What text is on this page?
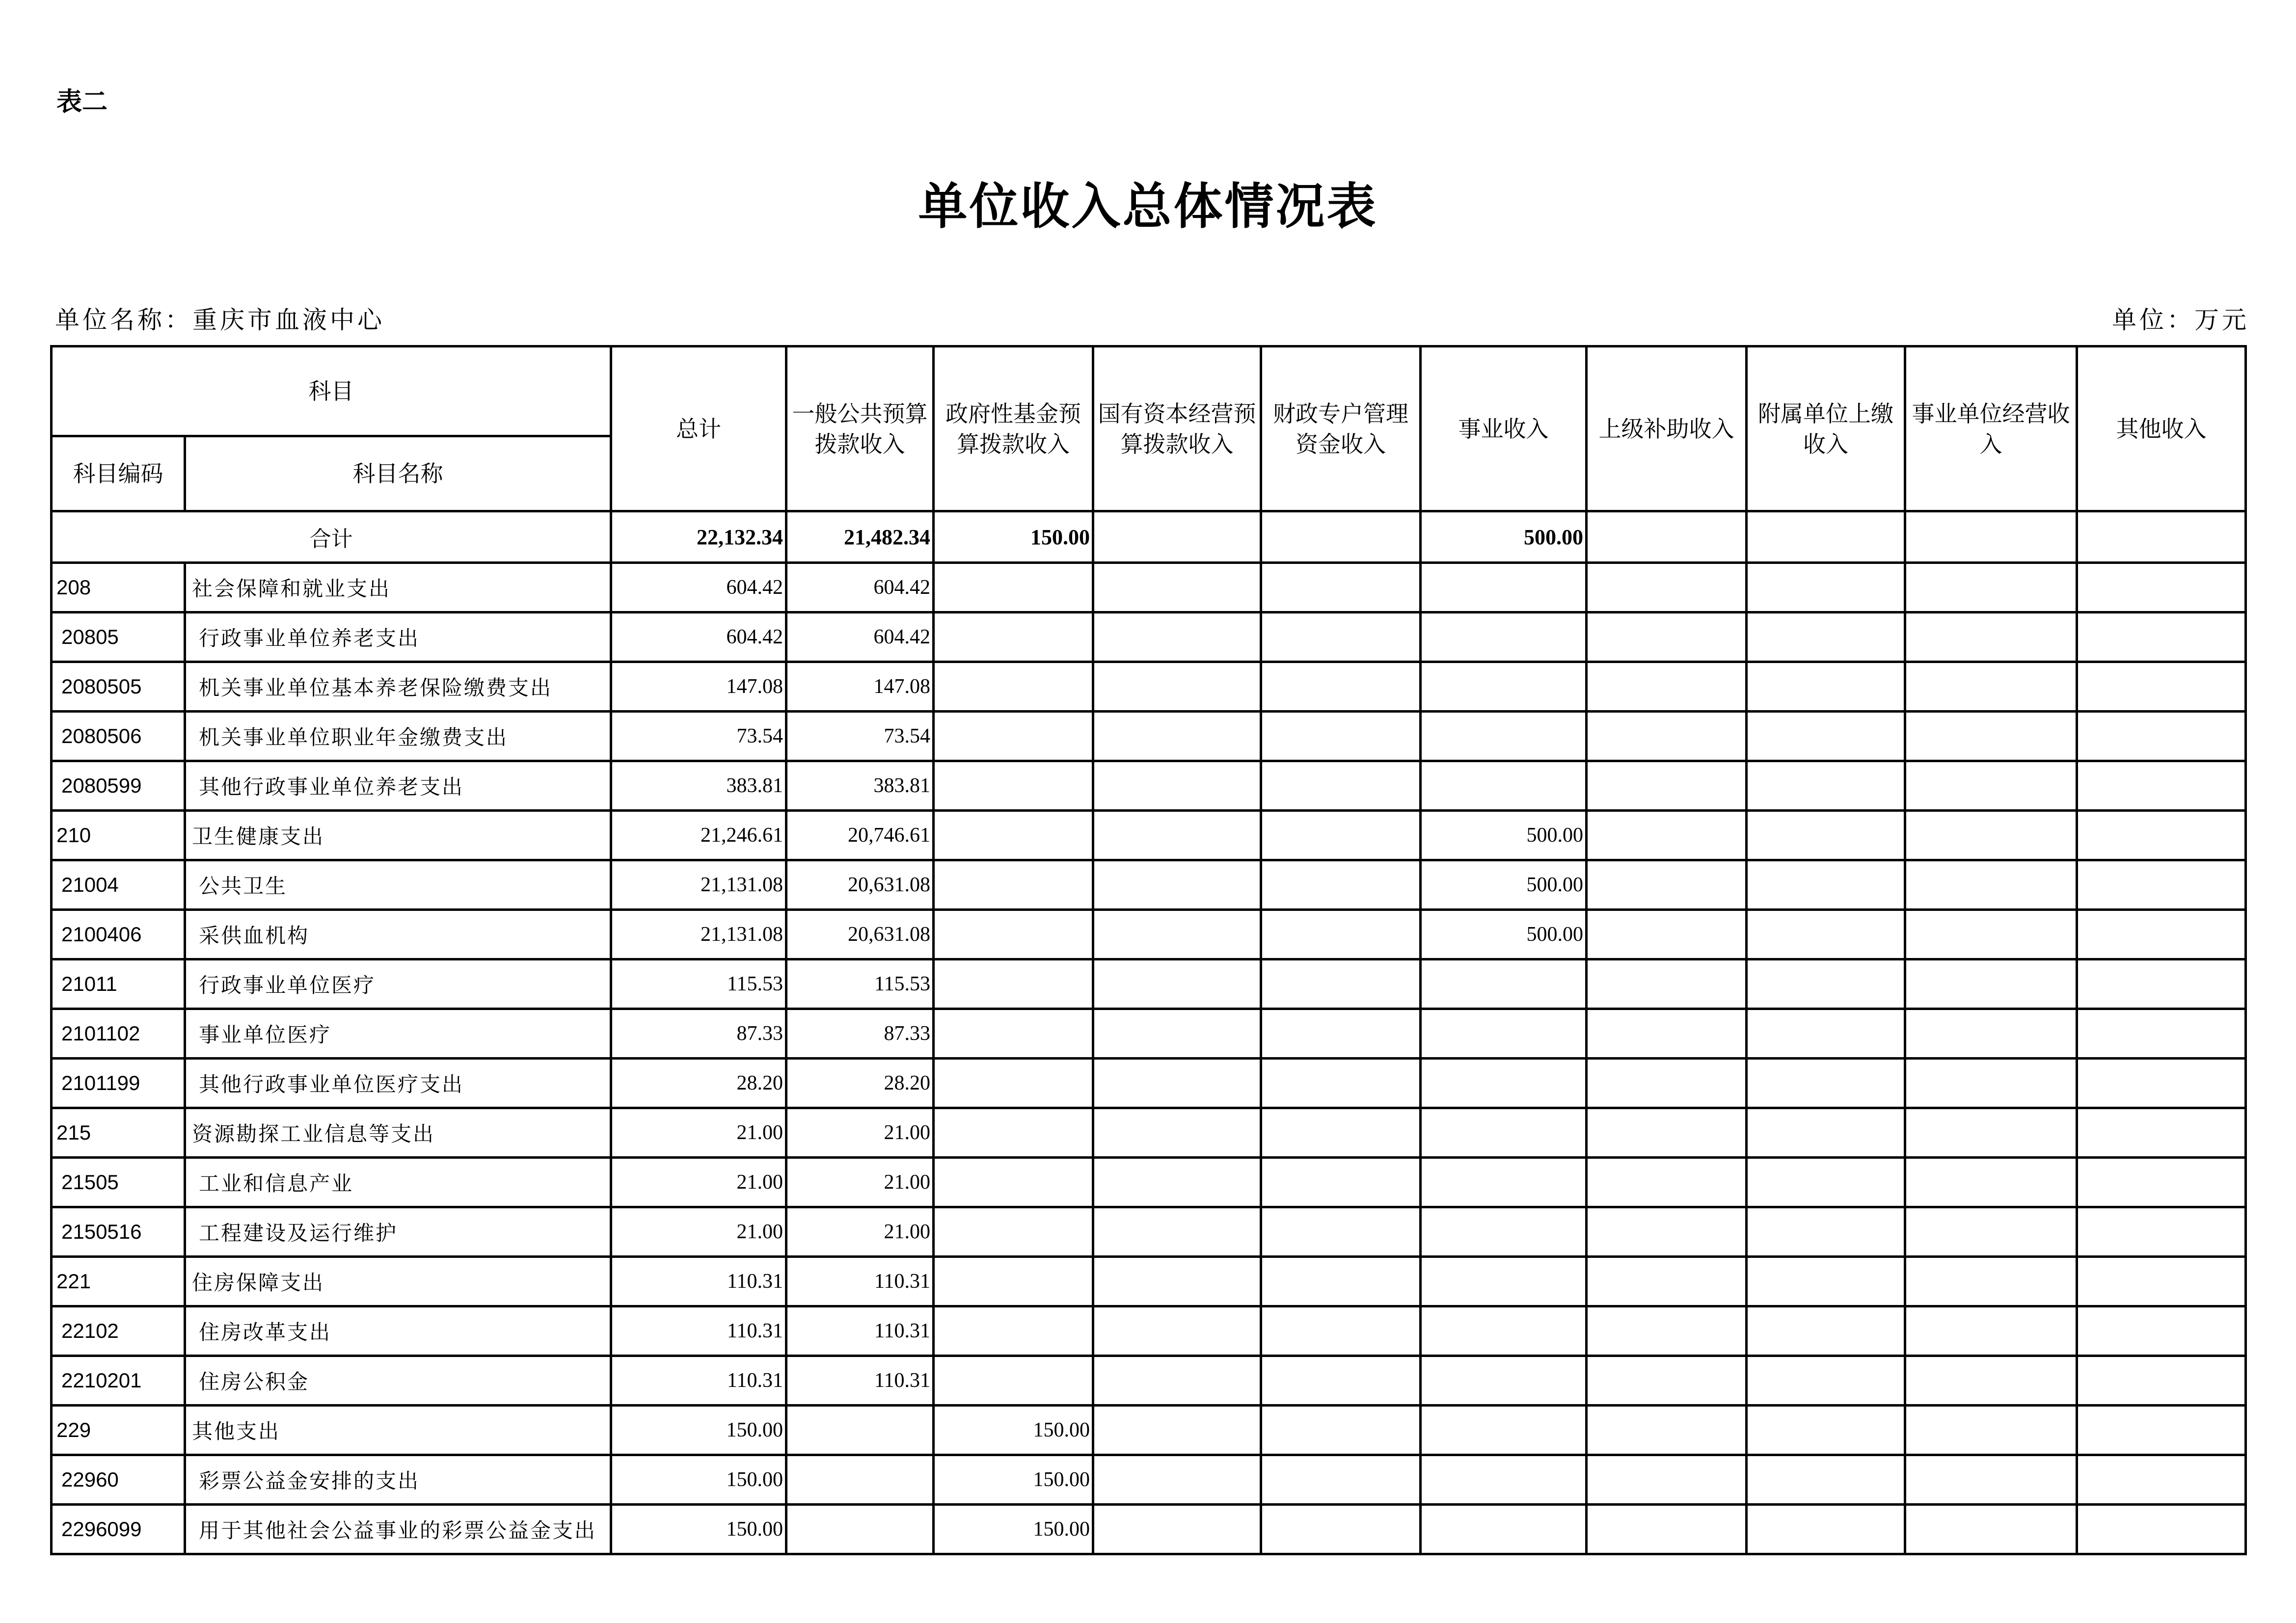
表二
单位收入总体情况表
单位名称：重庆市血液中心	单位：万元
科目		总计	一般公共预算拨款收入	政府性基金预算拨款收入	国有资本经营预算拨款收入	财政专户管理资金收入	事业收入	上级补助收入	附属单位上缴收入	事业单位经营收入	其他收入
科目编码	科目名称										
合计		22,132.34	21,482.34	150.00			500.00				
208	社会保障和就业支出	604.42	604.42								
20805	行政事业单位养老支出	604.42	604.42								
2080505	机关事业单位基本养老保险缴费支出	147.08	147.08								
2080506	机关事业单位职业年金缴费支出	73.54	73.54								
2080599	其他行政事业单位养老支出	383.81	383.81								
210	卫生健康支出	21,246.61	20,746.61				500.00				
21004	公共卫生	21,131.08	20,631.08				500.00				
2100406	采供血机构	21,131.08	20,631.08				500.00				
21011	行政事业单位医疗	115.53	115.53								
2101102	事业单位医疗	87.33	87.33								
2101199	其他行政事业单位医疗支出	28.20	28.20								
215	资源勘探工业信息等支出	21.00	21.00								
21505	工业和信息产业	21.00	21.00								
2150516	工程建设及运行维护	21.00	21.00								
221	住房保障支出	110.31	110.31								
22102	住房改革支出	110.31	110.31								
2210201	住房公积金	110.31	110.31								
229	其他支出	150.00		150.00							
22960	彩票公益金安排的支出	150.00		150.00							
2296099	用于其他社会公益事业的彩票公益金支出	150.00		150.00							
